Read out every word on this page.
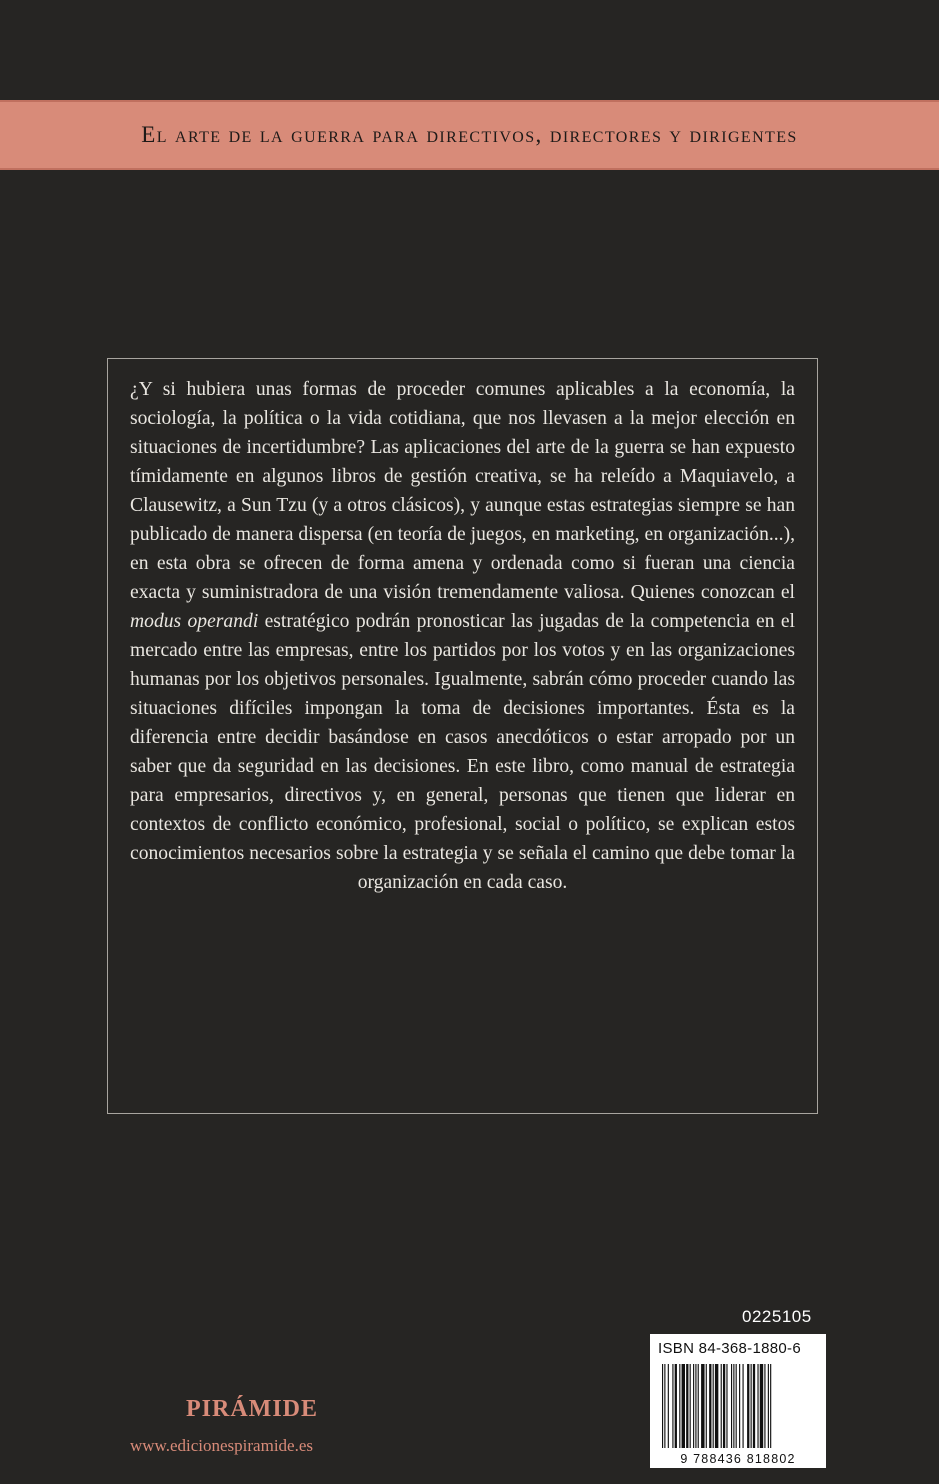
El arte de la guerra para directivos, directores y dirigentes

¿Y si hubiera unas formas de proceder comunes aplicables a la economía, la sociología, la política o la vida cotidiana, que nos llevasen a la mejor elección en situaciones de incertidumbre? Las aplicaciones del arte de la guerra se han expuesto tímidamente en algunos libros de gestión creativa, se ha releído a Maquiavelo, a Clausewitz, a Sun Tzu (y a otros clásicos), y aunque estas estrategias siempre se han publicado de manera dispersa (en teoría de juegos, en marketing, en organización...), en esta obra se ofrecen de forma amena y ordenada como si fueran una ciencia exacta y suministradora de una visión tremendamente valiosa. Quienes conozcan el modus operandi estratégico podrán pronosticar las jugadas de la competencia en el mercado entre las empresas, entre los partidos por los votos y en las organizaciones humanas por los objetivos personales. Igualmente, sabrán cómo proceder cuando las situaciones difíciles impongan la toma de decisiones importantes. Ésta es la diferencia entre decidir basándose en casos anecdóticos o estar arropado por un saber que da seguridad en las decisiones. En este libro, como manual de estrategia para empresarios, directivos y, en general, personas que tienen que liderar en contextos de conflicto económico, profesional, social o político, se explican estos conocimientos necesarios sobre la estrategia y se señala el camino que debe tomar la organización en cada caso.

0225105
ISBN 84-368-1880-6
9 788436 818802
PIRÁMIDE
www.edicionespiramide.es
